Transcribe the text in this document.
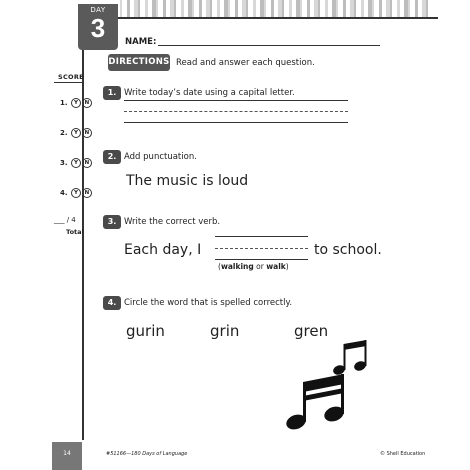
DAY
3
SCORE
1. Y N
2. Y N
3. Y N
4. Y N
___ / 4
Total
NAME:
DIRECTIONS Read and answer each question.
1. Write today’s date using a capital letter.
2. Add punctuation.
The music is loud
3. Write the correct verb.
Each day, I	to school.
(walking or walk)
4. Circle the word that is spelled correctly.
gurin	grin	gren
14	#51166—180 Days of Language	© Shell Education
